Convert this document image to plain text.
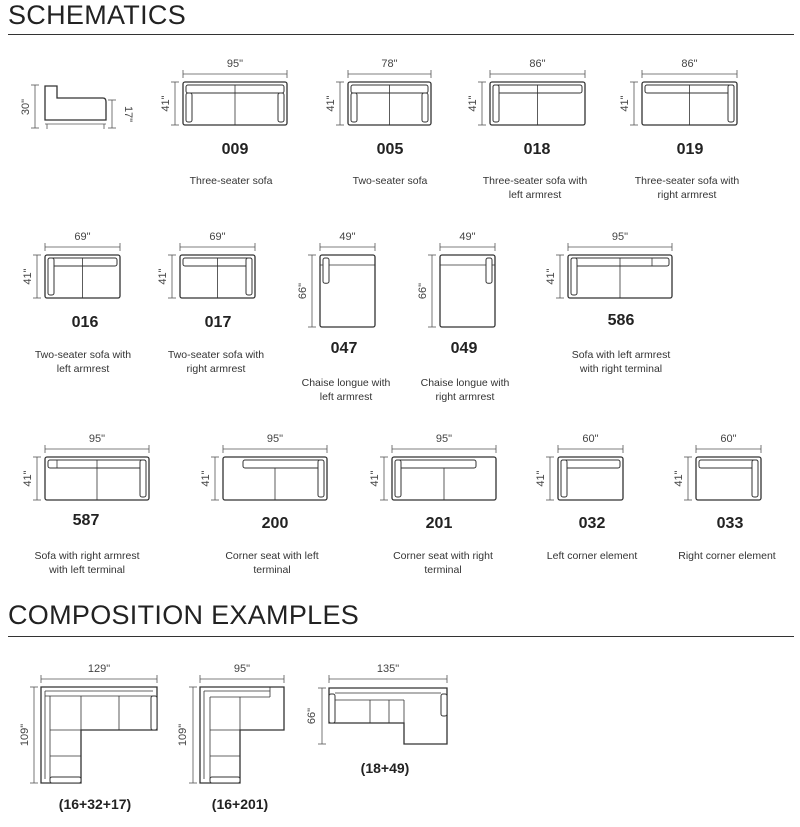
SCHEMATICS
COMPOSITION EXAMPLES
30"	17"
95"
41"
78"
41"
86"
41"
86"
41"
69"
41"
69"
41"
49"
66"
49"
66"
95"
41"
95"
41"
95"
41"
95"
41"
60"
41"
60"
41"
009	005	018	019
016	017
047	049
586
587	200	201	032	033
Three-seater sofa	Two-seater sofa	Three-seater sofa with
left armrest
Three-seater sofa with
right armrest
Two-seater sofa with
left armrest
Two-seater sofa with
right armrest
Chaise longue with
left armrest
Chaise longue with
right armrest
Sofa with left armrest
with right terminal
Sofa with right armrest
with left terminal
Corner seat with left
terminal
Corner seat with right
terminal
Left corner element	Right corner element

129"
109"
(16+32+17)
95"
109"
(16+201)
135"
66"
(18+49)
